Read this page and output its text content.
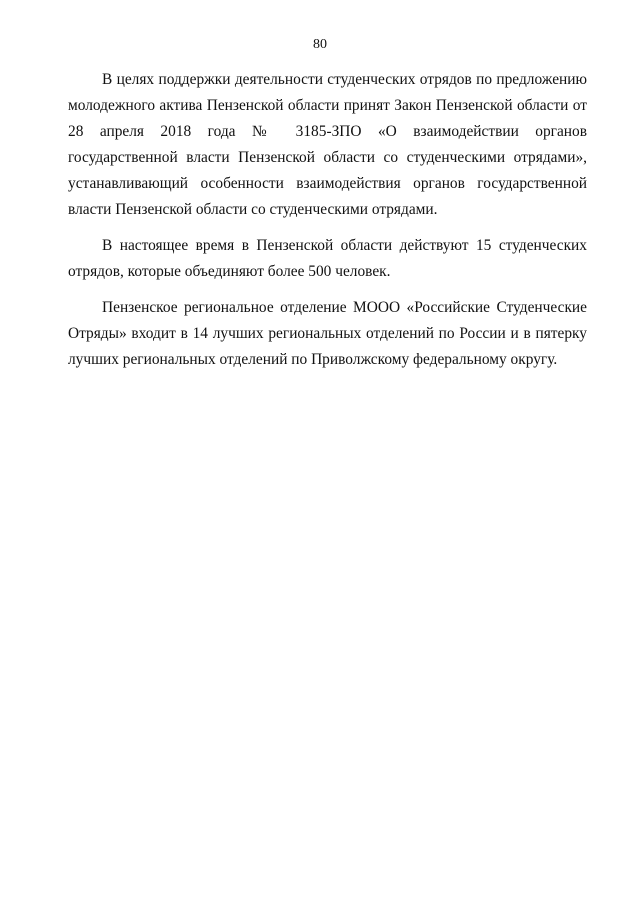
80

В целях поддержки деятельности студенческих отрядов по предложению молодежного актива Пензенской области принят Закон Пензенской области от 28 апреля 2018 года № 3185-ЗПО «О взаимодействии органов государственной власти Пензенской области со студенческими отрядами», устанавливающий особенности взаимодействия органов государственной власти Пензенской области со студенческими отрядами.

В настоящее время в Пензенской области действуют 15 студенческих отрядов, которые объединяют более 500 человек.

Пензенское региональное отделение МООО «Российские Студенческие Отряды» входит в 14 лучших региональных отделений по России и в пятерку лучших региональных отделений по Приволжскому федеральному округу.
